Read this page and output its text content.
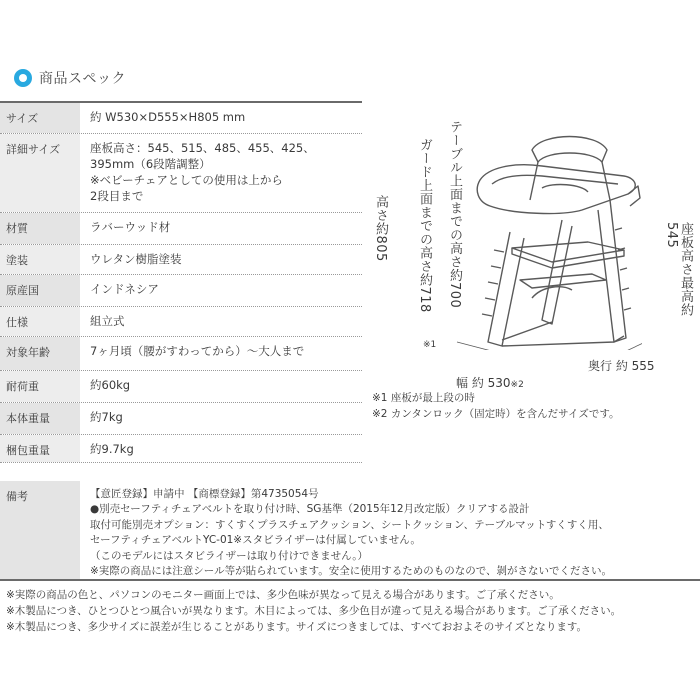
商品スペック
サイズ	約 W530×D555×H805 mm
詳細サイズ	座板高さ：545、515、485、455、425、
395mm（6段階調整）
※ベビーチェアとしての使用は上から
2段目まで
材質	ラバーウッド材
塗装	ウレタン樹脂塗装
原産国	インドネシア
仕様	組立式
対象年齢	7ヶ月頃（腰がすわってから）～大人まで
耐荷重	約60kg
本体重量	約7kg
梱包重量	約9.7kg
備考	【意匠登録】申請中 【商標登録】第4735054号
●別売セーフティチェアベルトを取り付け時、SG基準（2015年12月改定版）クリアする設計
取付可能別売オプション：すくすくプラスチェアクッション、シートクッション、テーブルマットすくすく用、
セーフティチェアベルトYC-01※スタビライザーは付属していません。
（このモデルにはスタビライザーは取り付けできません。）
※実際の商品には注意シール等が貼られています。安全に使用するためのものなので、剝がさないでください。
※実際の商品の色と、パソコンのモニター画面上では、多少色味が異なって見える場合があります。ご了承ください。
※木製品につき、ひとつひとつ風合いが異なります。木目によっては、多少色目が違って見える場合があります。ご了承ください。
※木製品につき、多少サイズに誤差が生じることがあります。サイズにつきましては、すべておおよそのサイズとなります。
高さ約805 ガード上面までの高さ約718
※1
テーブル上面までの高さ約700	座板高さ最高約545
幅 約 530※2
奥行 約 555
※1 座板が最上段の時
※2 カンタンロック（固定時）を含んだサイズです。
